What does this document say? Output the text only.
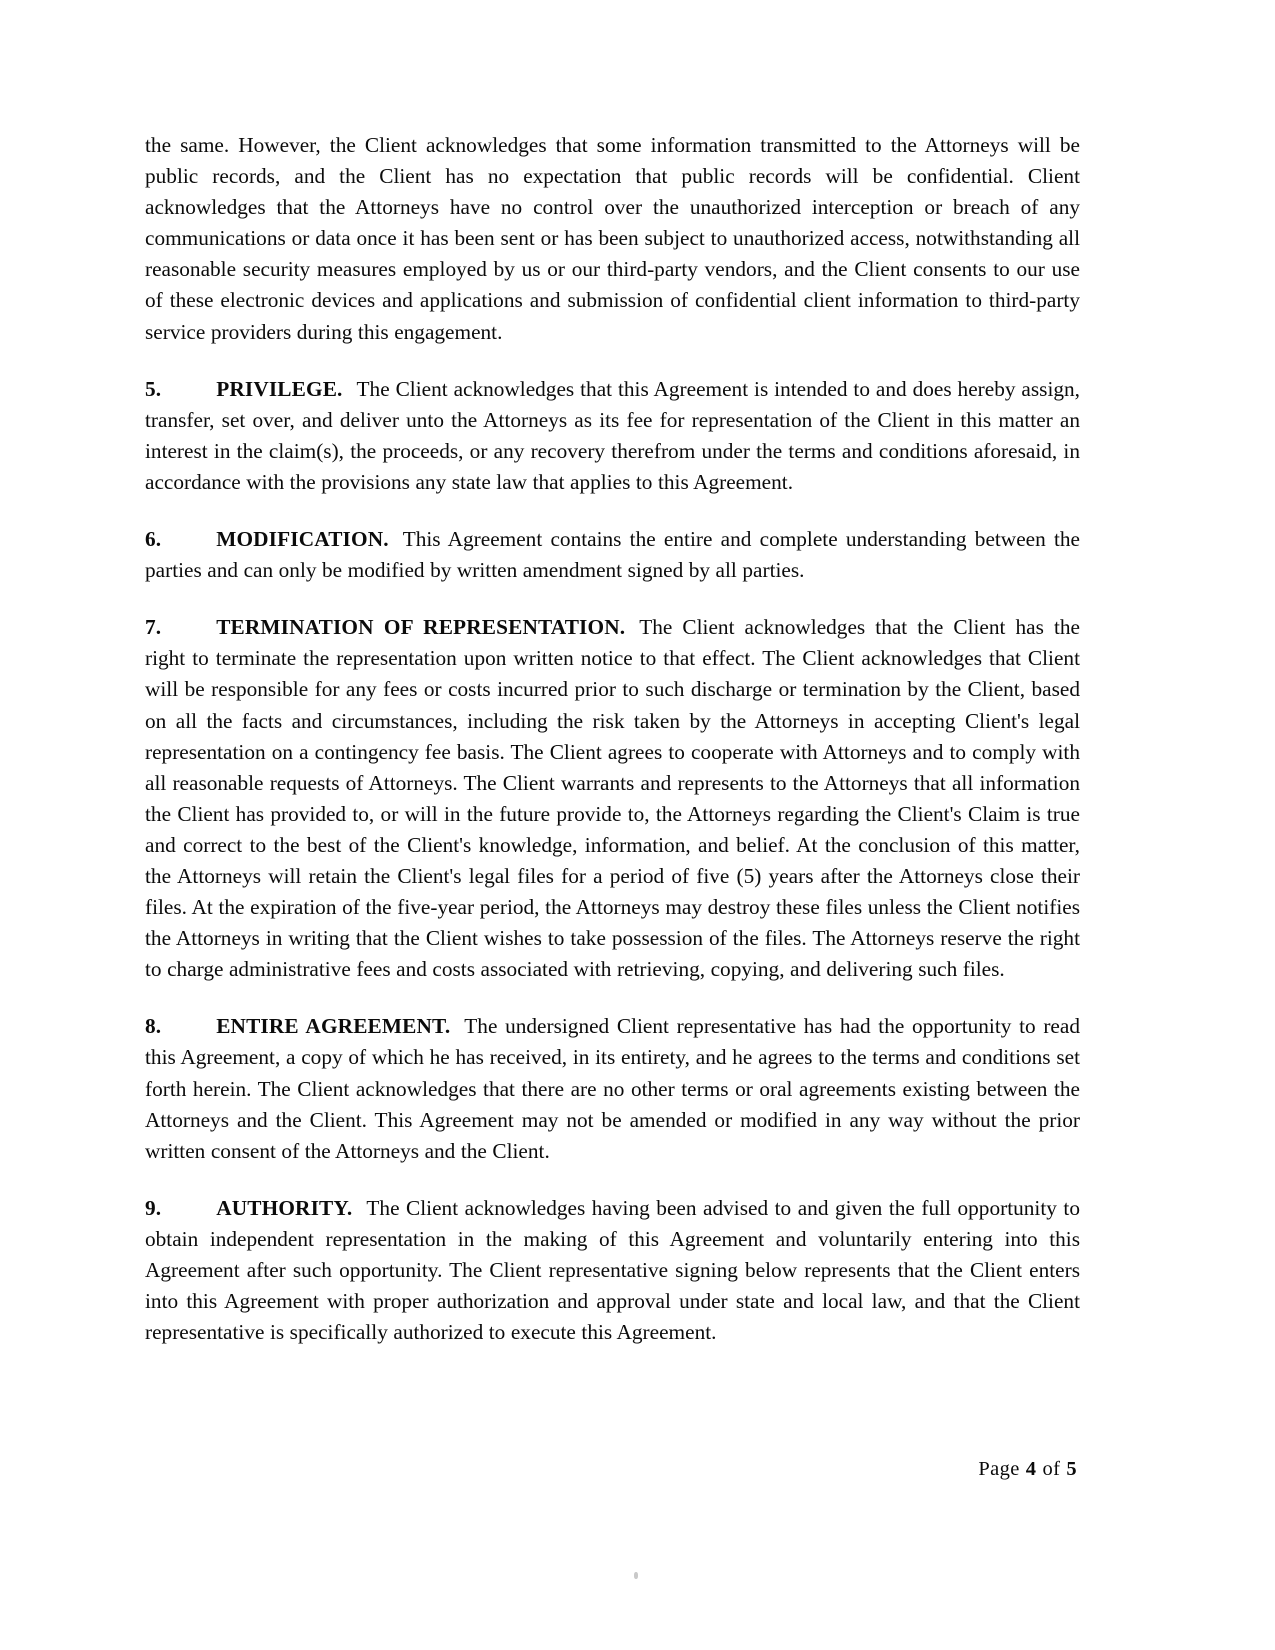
the same. However, the Client acknowledges that some information transmitted to the Attorneys will be public records, and the Client has no expectation that public records will be confidential. Client acknowledges that the Attorneys have no control over the unauthorized interception or breach of any communications or data once it has been sent or has been subject to unauthorized access, notwithstanding all reasonable security measures employed by us or our third-party vendors, and the Client consents to our use of these electronic devices and applications and submission of confidential client information to third-party service providers during this engagement.

5.	PRIVILEGE. The Client acknowledges that this Agreement is intended to and does hereby assign, transfer, set over, and deliver unto the Attorneys as its fee for representation of the Client in this matter an interest in the claim(s), the proceeds, or any recovery therefrom under the terms and conditions aforesaid, in accordance with the provisions any state law that applies to this Agreement.

6.	MODIFICATION. This Agreement contains the entire and complete understanding between the parties and can only be modified by written amendment signed by all parties.

7.	TERMINATION OF REPRESENTATION. The Client acknowledges that the Client has the right to terminate the representation upon written notice to that effect. The Client acknowledges that Client will be responsible for any fees or costs incurred prior to such discharge or termination by the Client, based on all the facts and circumstances, including the risk taken by the Attorneys in accepting Client's legal representation on a contingency fee basis. The Client agrees to cooperate with Attorneys and to comply with all reasonable requests of Attorneys. The Client warrants and represents to the Attorneys that all information the Client has provided to, or will in the future provide to, the Attorneys regarding the Client's Claim is true and correct to the best of the Client's knowledge, information, and belief. At the conclusion of this matter, the Attorneys will retain the Client's legal files for a period of five (5) years after the Attorneys close their files. At the expiration of the five-year period, the Attorneys may destroy these files unless the Client notifies the Attorneys in writing that the Client wishes to take possession of the files. The Attorneys reserve the right to charge administrative fees and costs associated with retrieving, copying, and delivering such files.

8.	ENTIRE AGREEMENT. The undersigned Client representative has had the opportunity to read this Agreement, a copy of which he has received, in its entirety, and he agrees to the terms and conditions set forth herein. The Client acknowledges that there are no other terms or oral agreements existing between the Attorneys and the Client. This Agreement may not be amended or modified in any way without the prior written consent of the Attorneys and the Client.

9.	AUTHORITY. The Client acknowledges having been advised to and given the full opportunity to obtain independent representation in the making of this Agreement and voluntarily entering into this Agreement after such opportunity. The Client representative signing below represents that the Client enters into this Agreement with proper authorization and approval under state and local law, and that the Client representative is specifically authorized to execute this Agreement.

Page 4 of 5
